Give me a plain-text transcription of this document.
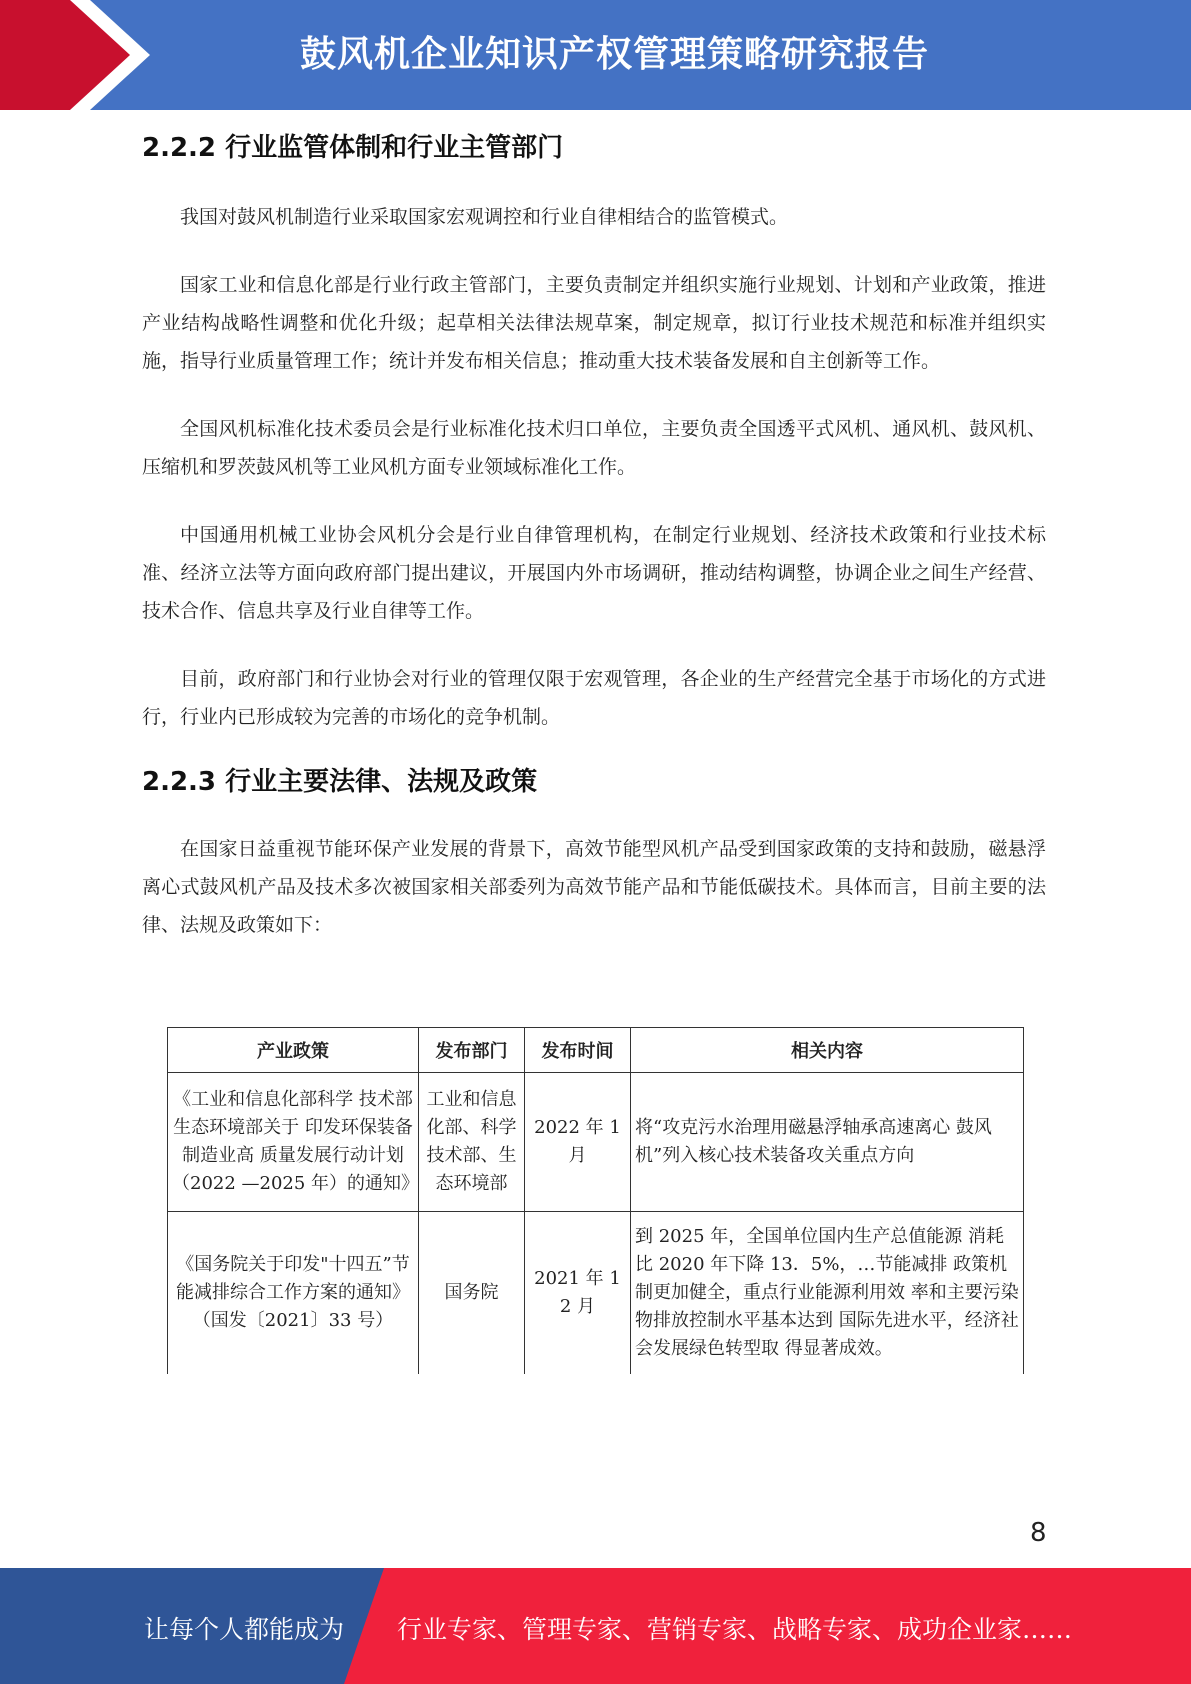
鼓风机企业知识产权管理策略研究报告
2.2.2 行业监管体制和行业主管部门

我国对鼓风机制造行业采取国家宏观调控和行业自律相结合的监管模式。

国家工业和信息化部是行业行政主管部门，主要负责制定并组织实施行业规划、计划和产业政策，推进产业结构战略性调整和优化升级；起草相关法律法规草案，制定规章，拟订行业技术规范和标准并组织实施，指导行业质量管理工作；统计并发布相关信息；推动重大技术装备发展和自主创新等工作。

全国风机标准化技术委员会是行业标准化技术归口单位，主要负责全国透平式风机、通风机、鼓风机、压缩机和罗茨鼓风机等工业风机方面专业领域标准化工作。

中国通用机械工业协会风机分会是行业自律管理机构，在制定行业规划、经济技术政策和行业技术标准、经济立法等方面向政府部门提出建议，开展国内外市场调研，推动结构调整，协调企业之间生产经营、技术合作、信息共享及行业自律等工作。

目前，政府部门和行业协会对行业的管理仅限于宏观管理，各企业的生产经营完全基于市场化的方式进行，行业内已形成较为完善的市场化的竞争机制。

2.2.3 行业主要法律、法规及政策

在国家日益重视节能环保产业发展的背景下，高效节能型风机产品受到国家政策的支持和鼓励，磁悬浮离心式鼓风机产品及技术多次被国家相关部委列为高效节能产品和节能低碳技术。具体而言，目前主要的法律、法规及政策如下：

产业政策	发布部门	发布时间	相关内容
《工业和信息化部科学 技术部生态环境部关于 印发环保装备制造业高 质量发展行动计划（2022 —2025 年）的通知》	工业和信息化部、科学技术部、生态环境部	2022 年 1 月	将“攻克污水治理用磁悬浮轴承高速离心 鼓风机”列入核心技术装备攻关重点方向
《国务院关于印发"十四五”节能减排综合工作方案的通知》（国发〔2021〕33 号）	国务院	2021 年 12 月	到 2025 年，全国单位国内生产总值能源 消耗比 2020 年下降 13．5%，…节能减排 政策机制更加健全，重点行业能源利用效 率和主要污染物排放控制水平基本达到 国际先进水平，经济社会发展绿色转型取 得显著成效。
8
让每个人都能成为 行业专家、管理专家、营销专家、战略专家、成功企业家……
